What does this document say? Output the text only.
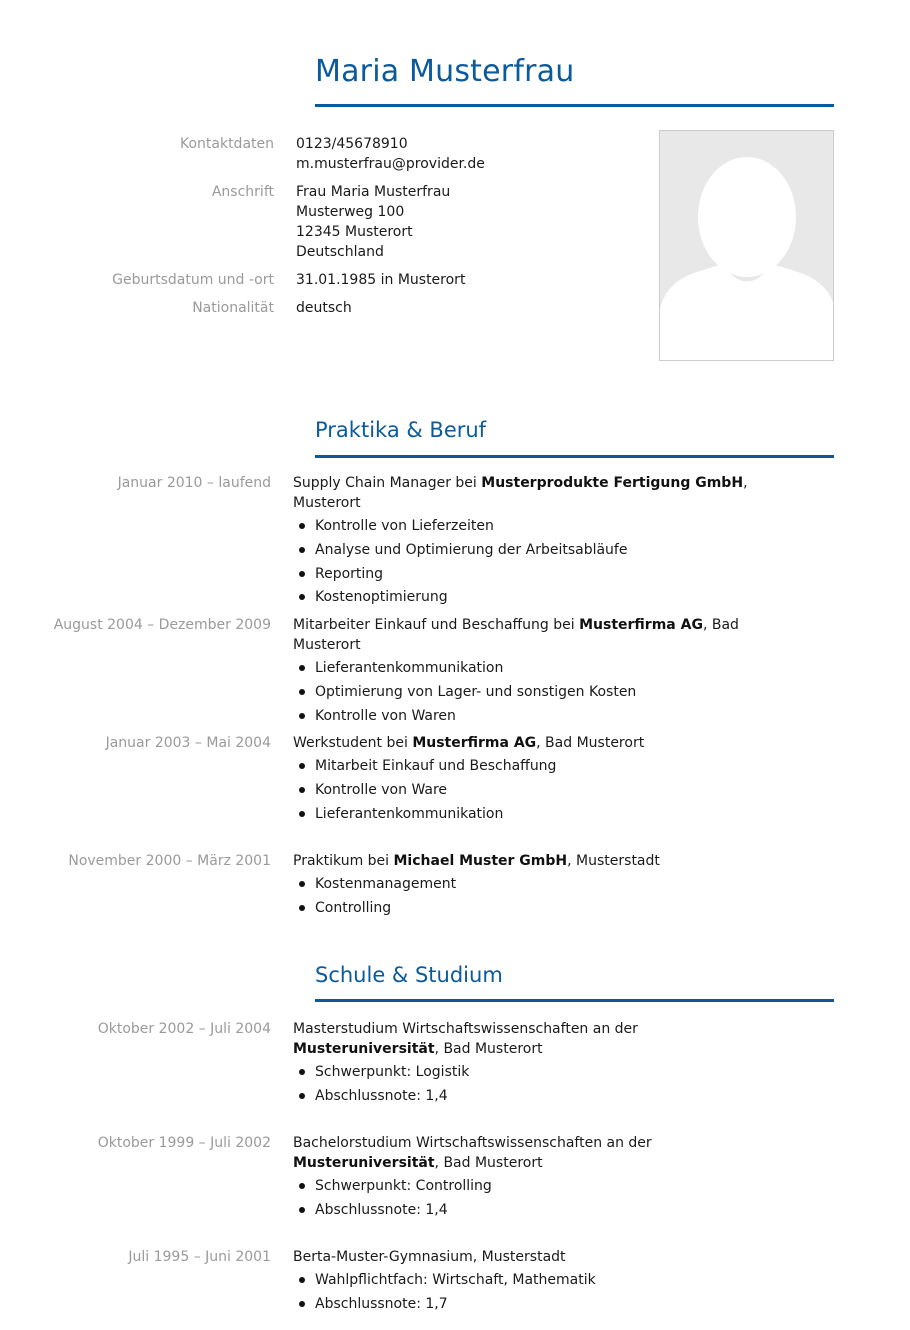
Maria Musterfrau
Kontaktdaten	0123/45678910
m.musterfrau@provider.de
Anschrift	Frau Maria Musterfrau
Musterweg 100
12345 Musterort
Deutschland
Geburtsdatum und -ort	31.01.1985 in Musterort
Nationalität	deutsch
Praktika & Beruf
Januar 2010 – laufend	Supply Chain Manager bei Musterprodukte Fertigung GmbH, Musterort
Kontrolle von Lieferzeiten
Analyse und Optimierung der Arbeitsabläufe
Reporting
Kostenoptimierung
August 2004 – Dezember 2009	Mitarbeiter Einkauf und Beschaffung bei Musterfirma AG, Bad Musterort
Lieferantenkommunikation
Optimierung von Lager- und sonstigen Kosten
Kontrolle von Waren
Januar 2003 – Mai 2004	Werkstudent bei Musterfirma AG, Bad Musterort
Mitarbeit Einkauf und Beschaffung
Kontrolle von Ware
Lieferantenkommunikation
November 2000 – März 2001	Praktikum bei Michael Muster GmbH, Musterstadt
Kostenmanagement
Controlling
Schule & Studium
Oktober 2002 – Juli 2004	Masterstudium Wirtschaftswissenschaften an der Musteruniversität, Bad Musterort
Schwerpunkt: Logistik
Abschlussnote: 1,4
Oktober 1999 – Juli 2002	Bachelorstudium Wirtschaftswissenschaften an der Musteruniversität, Bad Musterort
Schwerpunkt: Controlling
Abschlussnote: 1,4
Juli 1995 – Juni 2001	Berta-Muster-Gymnasium, Musterstadt
Wahlpflichtfach: Wirtschaft, Mathematik
Abschlussnote: 1,7
